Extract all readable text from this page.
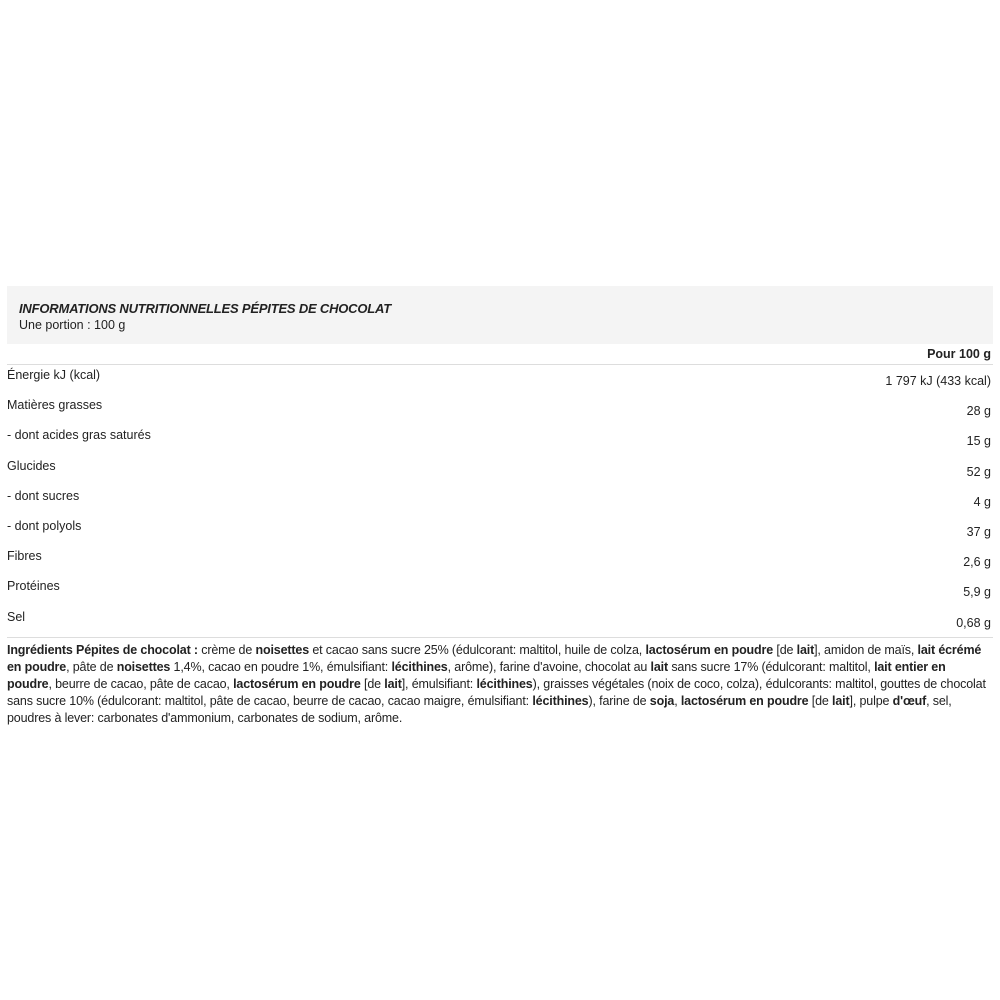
INFORMATIONS NUTRITIONNELLES PÉPITES DE CHOCOLAT
Une portion : 100 g
Pour 100 g
Énergie kJ (kcal)	1 797 kJ (433 kcal)
Matières grasses	28 g
- dont acides gras saturés	15 g
Glucides	52 g
- dont sucres	4 g
- dont polyols	37 g
Fibres	2,6 g
Protéines	5,9 g
Sel	0,68 g
Ingrédients Pépites de chocolat : crème de noisettes et cacao sans sucre 25% (édulcorant: maltitol, huile de colza, lactosérum en poudre [de lait], amidon de maïs, lait écrémé en poudre, pâte de noisettes 1,4%, cacao en poudre 1%, émulsifiant: lécithines, arôme), farine d'avoine, chocolat au lait sans sucre 17% (édulcorant: maltitol, lait entier en poudre, beurre de cacao, pâte de cacao, lactosérum en poudre [de lait], émulsifiant: lécithines), graisses végétales (noix de coco, colza), édulcorants: maltitol, gouttes de chocolat sans sucre 10% (édulcorant: maltitol, pâte de cacao, beurre de cacao, cacao maigre, émulsifiant: lécithines), farine de soja, lactosérum en poudre [de lait], pulpe d'œuf, sel, poudres à lever: carbonates d'ammonium, carbonates de sodium, arôme.
